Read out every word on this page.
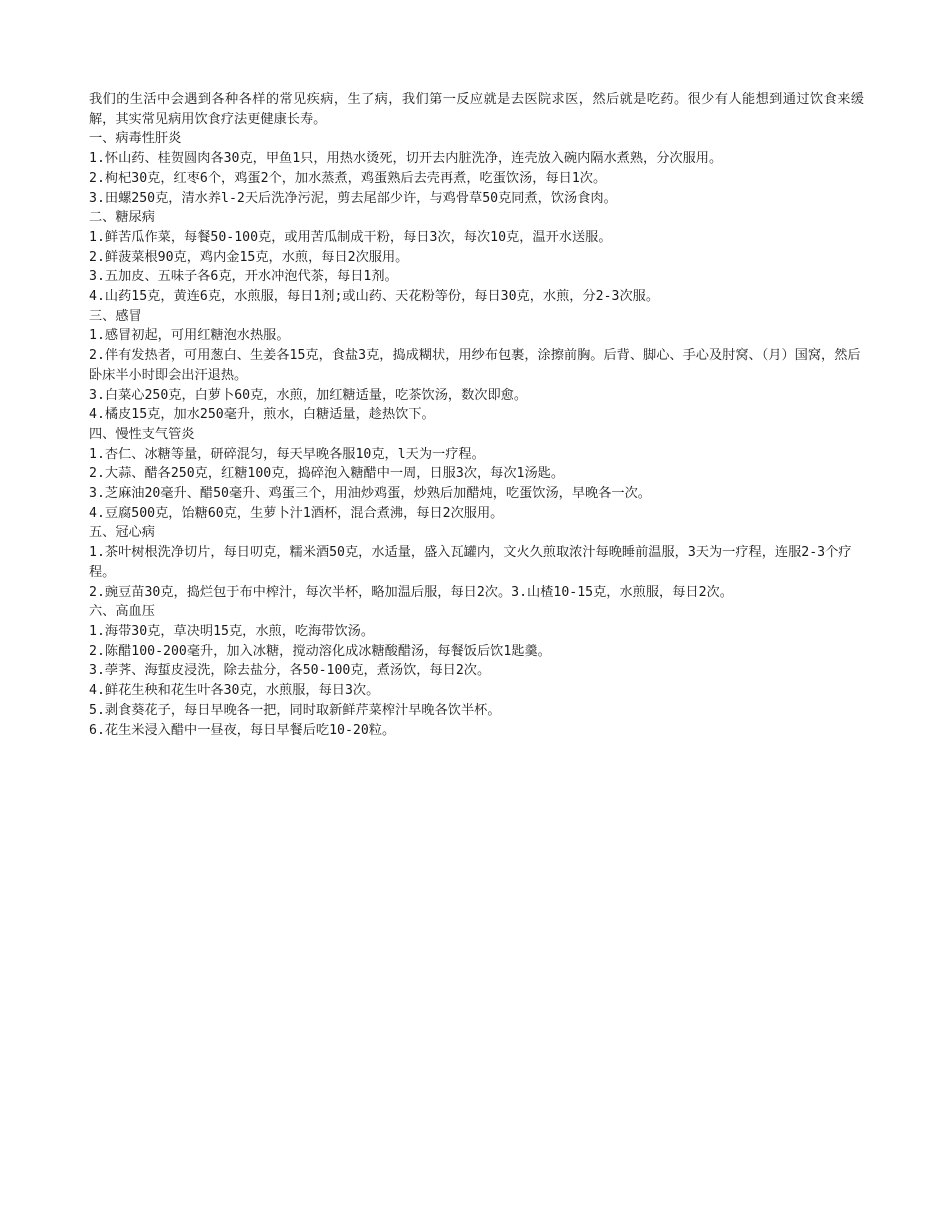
我们的生活中会遇到各种各样的常见疾病，生了病，我们第一反应就是去医院求医，然后就是吃药。很少有人能想到通过饮食来缓解，其实常见病用饮食疗法更健康长寿。

一、病毒性肝炎

1.怀山药、桂贺圆肉各30克，甲鱼1只，用热水烫死，切开去内脏洗净，连壳放入碗内隔水煮熟，分次服用。

2.枸杞30克，红枣6个，鸡蛋2个，加水蒸煮，鸡蛋熟后去壳再煮，吃蛋饮汤，每日1次。

3.田螺250克，清水养l-2天后洗净污泥，剪去尾部少许，与鸡骨草50克同煮，饮汤食肉。

二、糖尿病

1.鲜苦瓜作菜，每餐50-100克，或用苦瓜制成干粉，每日3次，每次10克，温开水送服。

2.鲜菠菜根90克，鸡内金15克，水煎，每日2次服用。

3.五加皮、五味子各6克，开水冲泡代茶，每日1剂。

4.山药15克，黄连6克，水煎服，每日1剂;或山药、天花粉等份，每日30克，水煎，分2-3次服。

三、感冒

1.感冒初起，可用红糖泡水热服。

2.伴有发热者，可用葱白、生姜各15克，食盐3克，捣成糊状，用纱布包裹，涂擦前胸。后背、脚心、手心及肘窝、（月）国窝，然后卧床半小时即会出汗退热。

3.白菜心250克，白萝卜60克，水煎，加红糖适量，吃茶饮汤，数次即愈。

4.橘皮15克，加水250毫升，煎水，白糖适量，趁热饮下。

四、慢性支气管炎

1.杏仁、冰糖等量，研碎混匀，每天早晚各服10克，l天为一疗程。

2.大蒜、醋各250克，红糖100克，捣碎泡入糖醋中一周，日服3次，每次1汤匙。

3.芝麻油20毫升、醋50毫升、鸡蛋三个，用油炒鸡蛋，炒熟后加醋炖，吃蛋饮汤，早晚各一次。

4.豆腐500克，饴糖60克，生萝卜汁1酒杯，混合煮沸，每日2次服用。

五、冠心病

1.茶叶树根洗净切片，每日叨克，糯米酒50克，水适量，盛入瓦罐内，文火久煎取浓汁每晚睡前温服，3天为一疗程，连服2-3个疗程。

2.豌豆苗30克，捣烂包于布中榨汁，每次半杯，略加温后服，每日2次。3.山楂10-15克，水煎服，每日2次。

六、高血压

1.海带30克，草决明15克，水煎，吃海带饮汤。

2.陈醋100-200毫升，加入冰糖，搅动溶化成冰糖酸醋汤，每餐饭后饮1匙羹。

3.荸荠、海蜇皮浸洗，除去盐分，各50-100克，煮汤饮，每日2次。

4.鲜花生秧和花生叶各30克，水煎服，每日3次。

5.剥食葵花子，每日早晚各一把，同时取新鲜芹菜榨汁早晚各饮半杯。

6.花生米浸入醋中一昼夜，每日早餐后吃10-20粒。
